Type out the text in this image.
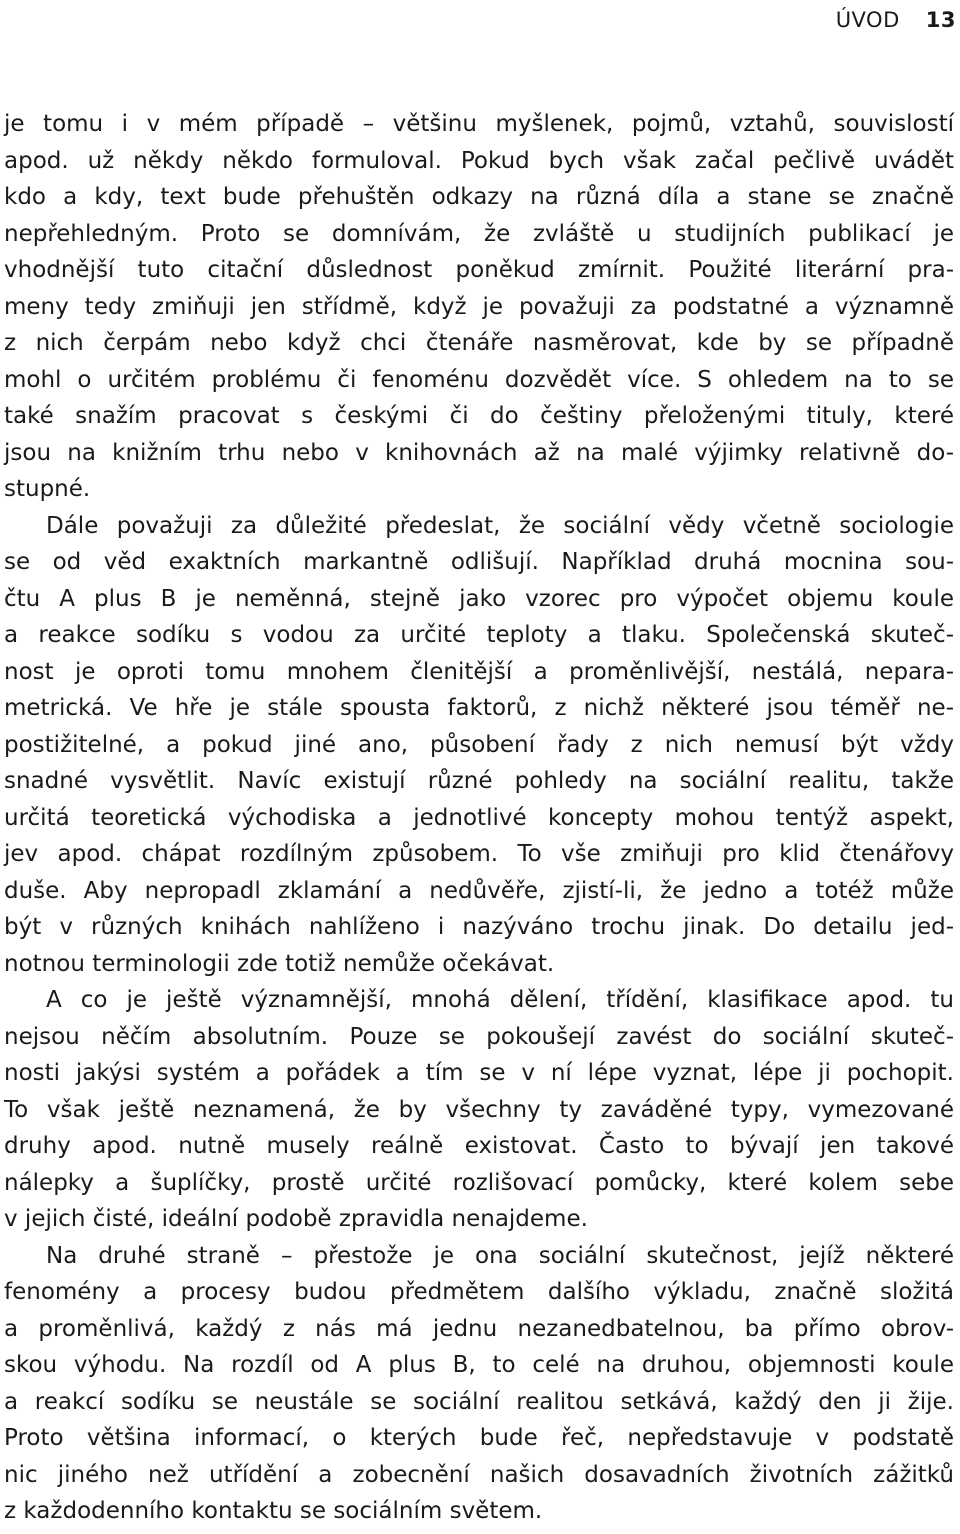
ÚVOD 13
je tomu i v mém případě – většinu myšlenek, pojmů, vztahů, souvislostí
apod. už někdy někdo formuloval. Pokud bych však začal pečlivě uvádět
kdo a kdy, text bude přehuštěn odkazy na různá díla a stane se značně
nepřehledným. Proto se domnívám, že zvláště u studijních publikací je
vhodnější tuto citační důslednost poněkud zmírnit. Použité literární pra-
meny tedy zmiňuji jen střídmě, když je považuji za podstatné a významně
z nich čerpám nebo když chci čtenáře nasměrovat, kde by se případně
mohl o určitém problému či fenoménu dozvědět více. S ohledem na to se
také snažím pracovat s českými či do češtiny přeloženými tituly, které
jsou na knižním trhu nebo v knihovnách až na malé výjimky relativně do-
stupné.
Dále považuji za důležité předeslat, že sociální vědy včetně sociologie
se od věd exaktních markantně odlišují. Například druhá mocnina sou-
čtu A plus B je neměnná, stejně jako vzorec pro výpočet objemu koule
a reakce sodíku s vodou za určité teploty a tlaku. Společenská skuteč-
nost je oproti tomu mnohem členitější a proměnlivější, nestálá, nepara-
metrická. Ve hře je stále spousta faktorů, z nichž některé jsou téměř ne-
postižitelné, a pokud jiné ano, působení řady z nich nemusí být vždy
snadné vysvětlit. Navíc existují různé pohledy na sociální realitu, takže
určitá teoretická východiska a jednotlivé koncepty mohou tentýž aspekt,
jev apod. chápat rozdílným způsobem. To vše zmiňuji pro klid čtenářovy
duše. Aby nepropadl zklamání a nedůvěře, zjistí-li, že jedno a totéž může
být v různých knihách nahlíženo i nazýváno trochu jinak. Do detailu jed-
notnou terminologii zde totiž nemůže očekávat.
A co je ještě významnější, mnohá dělení, třídění, klasifikace apod. tu
nejsou něčím absolutním. Pouze se pokoušejí zavést do sociální skuteč-
nosti jakýsi systém a pořádek a tím se v ní lépe vyznat, lépe ji pochopit.
To však ještě neznamená, že by všechny ty zaváděné typy, vymezované
druhy apod. nutně musely reálně existovat. Často to bývají jen takové
nálepky a šuplíčky, prostě určité rozlišovací pomůcky, které kolem sebe
v jejich čisté, ideální podobě zpravidla nenajdeme.
Na druhé straně – přestože je ona sociální skutečnost, jejíž některé
fenomény a procesy budou předmětem dalšího výkladu, značně složitá
a proměnlivá, každý z nás má jednu nezanedbatelnou, ba přímo obrov-
skou výhodu. Na rozdíl od A plus B, to celé na druhou, objemnosti koule
a reakcí sodíku se neustále se sociální realitou setkává, každý den ji žije.
Proto většina informací, o kterých bude řeč, nepředstavuje v podstatě
nic jiného než utřídění a zobecnění našich dosavadních životních zážitků
z každodenního kontaktu se sociálním světem.
